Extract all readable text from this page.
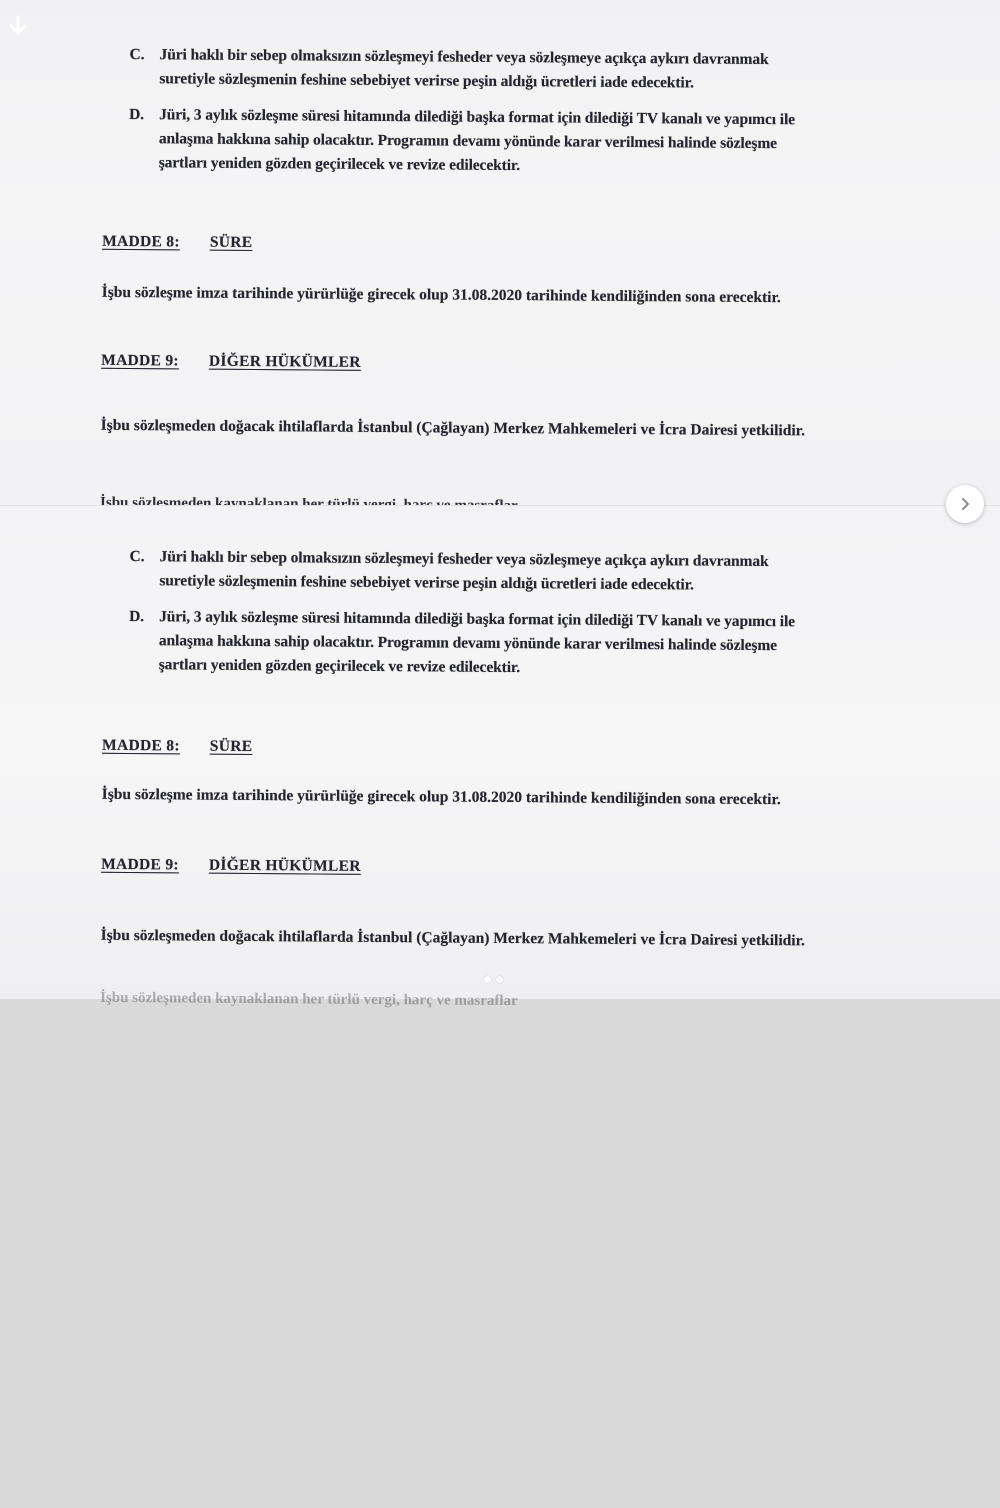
C. Jüri haklı bir sebep olmaksızın sözleşmeyi fesheder veya sözleşmeye açıkça aykırı davranmak
suretiyle sözleşmenin feshine sebebiyet verirse peşin aldığı ücretleri iade edecektir.
D. Jüri, 3 aylık sözleşme süresi hitamında dilediği başka format için dilediği TV kanalı ve yapımcı ile
anlaşma hakkına sahip olacaktır. Programın devamı yönünde karar verilmesi halinde sözleşme
şartları yeniden gözden geçirilecek ve revize edilecektir.
MADDE 8: SÜRE
İşbu sözleşme imza tarihinde yürürlüğe girecek olup 31.08.2020 tarihinde kendiliğinden sona erecektir.
MADDE 9: DİĞER HÜKÜMLER
İşbu sözleşmeden doğacak ihtilaflarda İstanbul (Çağlayan) Merkez Mahkemeleri ve İcra Dairesi yetkilidir.
C. Jüri haklı bir sebep olmaksızın sözleşmeyi fesheder veya sözleşmeye açıkça aykırı davranmak
suretiyle sözleşmenin feshine sebebiyet verirse peşin aldığı ücretleri iade edecektir.
D. Jüri, 3 aylık sözleşme süresi hitamında dilediği başka format için dilediği TV kanalı ve yapımcı ile
anlaşma hakkına sahip olacaktır. Programın devamı yönünde karar verilmesi halinde sözleşme
şartları yeniden gözden geçirilecek ve revize edilecektir.
MADDE 8: SÜRE
İşbu sözleşme imza tarihinde yürürlüğe girecek olup 31.08.2020 tarihinde kendiliğinden sona erecektir.
MADDE 9: DİĞER HÜKÜMLER
İşbu sözleşmeden doğacak ihtilaflarda İstanbul (Çağlayan) Merkez Mahkemeleri ve İcra Dairesi yetkilidir.
İşbu sözleşmeden kaynaklanan her türlü vergi, harç ve masraflar
